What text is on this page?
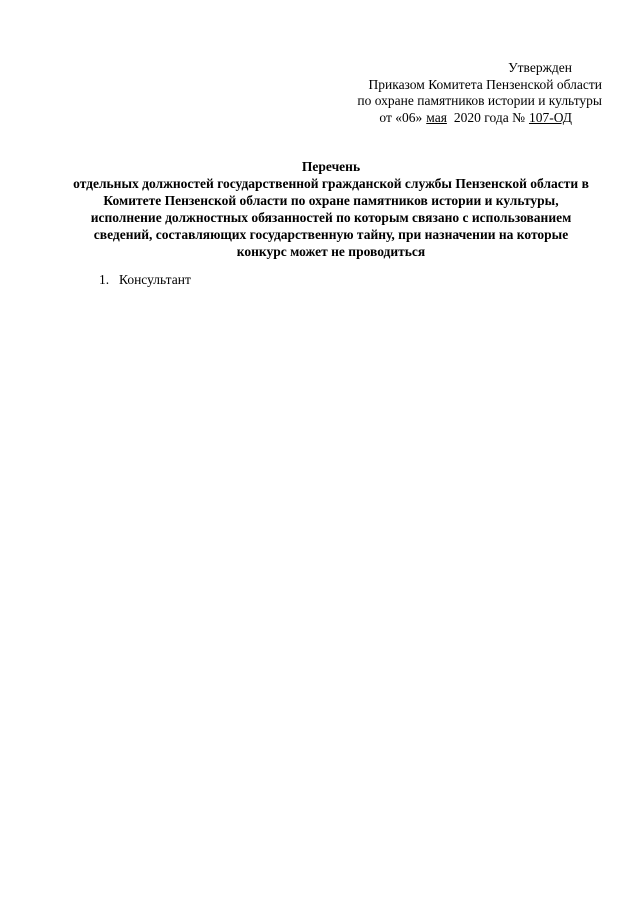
Утвержден
Приказом Комитета Пензенской области
по охране памятников истории и культуры
от «06» мая 2020 года № 107-ОД
Перечень
отдельных должностей государственной гражданской службы Пензенской области в
Комитете Пензенской области по охране памятников истории и культуры,
исполнение должностных обязанностей по которым связано с использованием
сведений, составляющих государственную тайну, при назначении на которые
конкурс может не проводиться
1. Консультант
